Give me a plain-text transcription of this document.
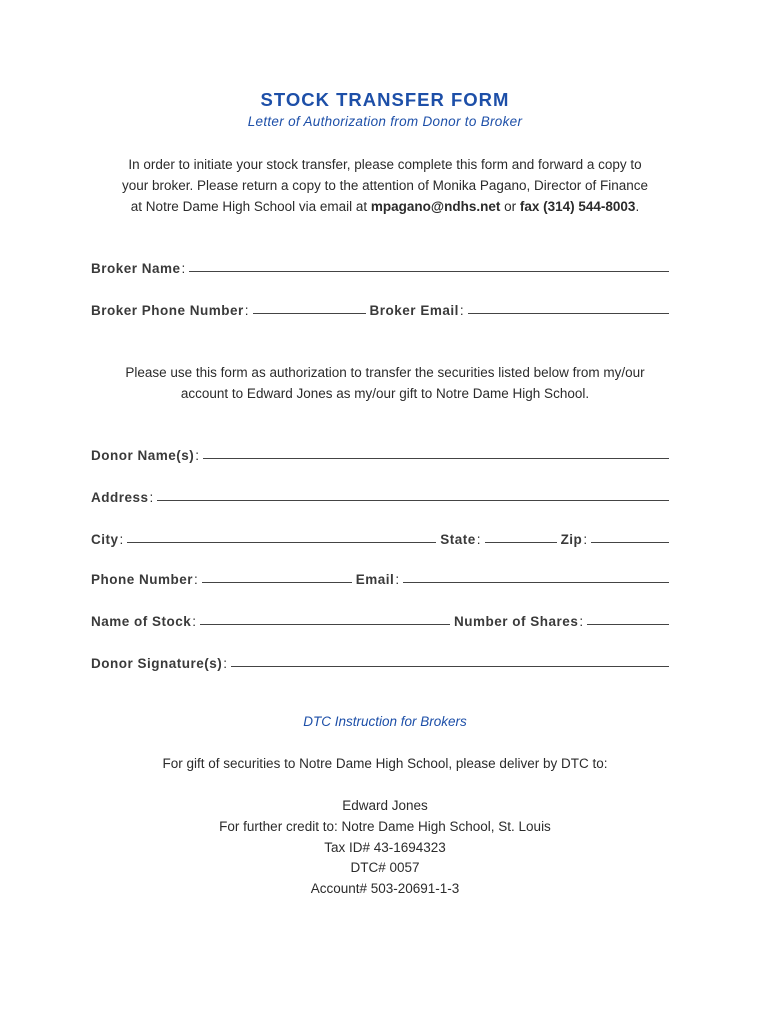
STOCK TRANSFER FORM
Letter of Authorization from Donor to Broker
In order to initiate your stock transfer, please complete this form and forward a copy to
your broker. Please return a copy to the attention of Monika Pagano, Director of Finance
at Notre Dame High School via email at mpagano@ndhs.net or fax (314) 544-8003.
Broker Name :
Broker Phone Number :	Broker Email :
Please use this form as authorization to transfer the securities listed below from my/our
account to Edward Jones as my/our gift to Notre Dame High School.
Donor Name(s) :
Address :
City :	State :	Zip :
Phone Number :	Email :
Name of Stock :	Number of Shares :
Donor Signature(s) :
DTC Instruction for Brokers
For gift of securities to Notre Dame High School, please deliver by DTC to:
Edward Jones
For further credit to: Notre Dame High School, St. Louis
Tax ID# 43-1694323
DTC# 0057
Account# 503-20691-1-3
